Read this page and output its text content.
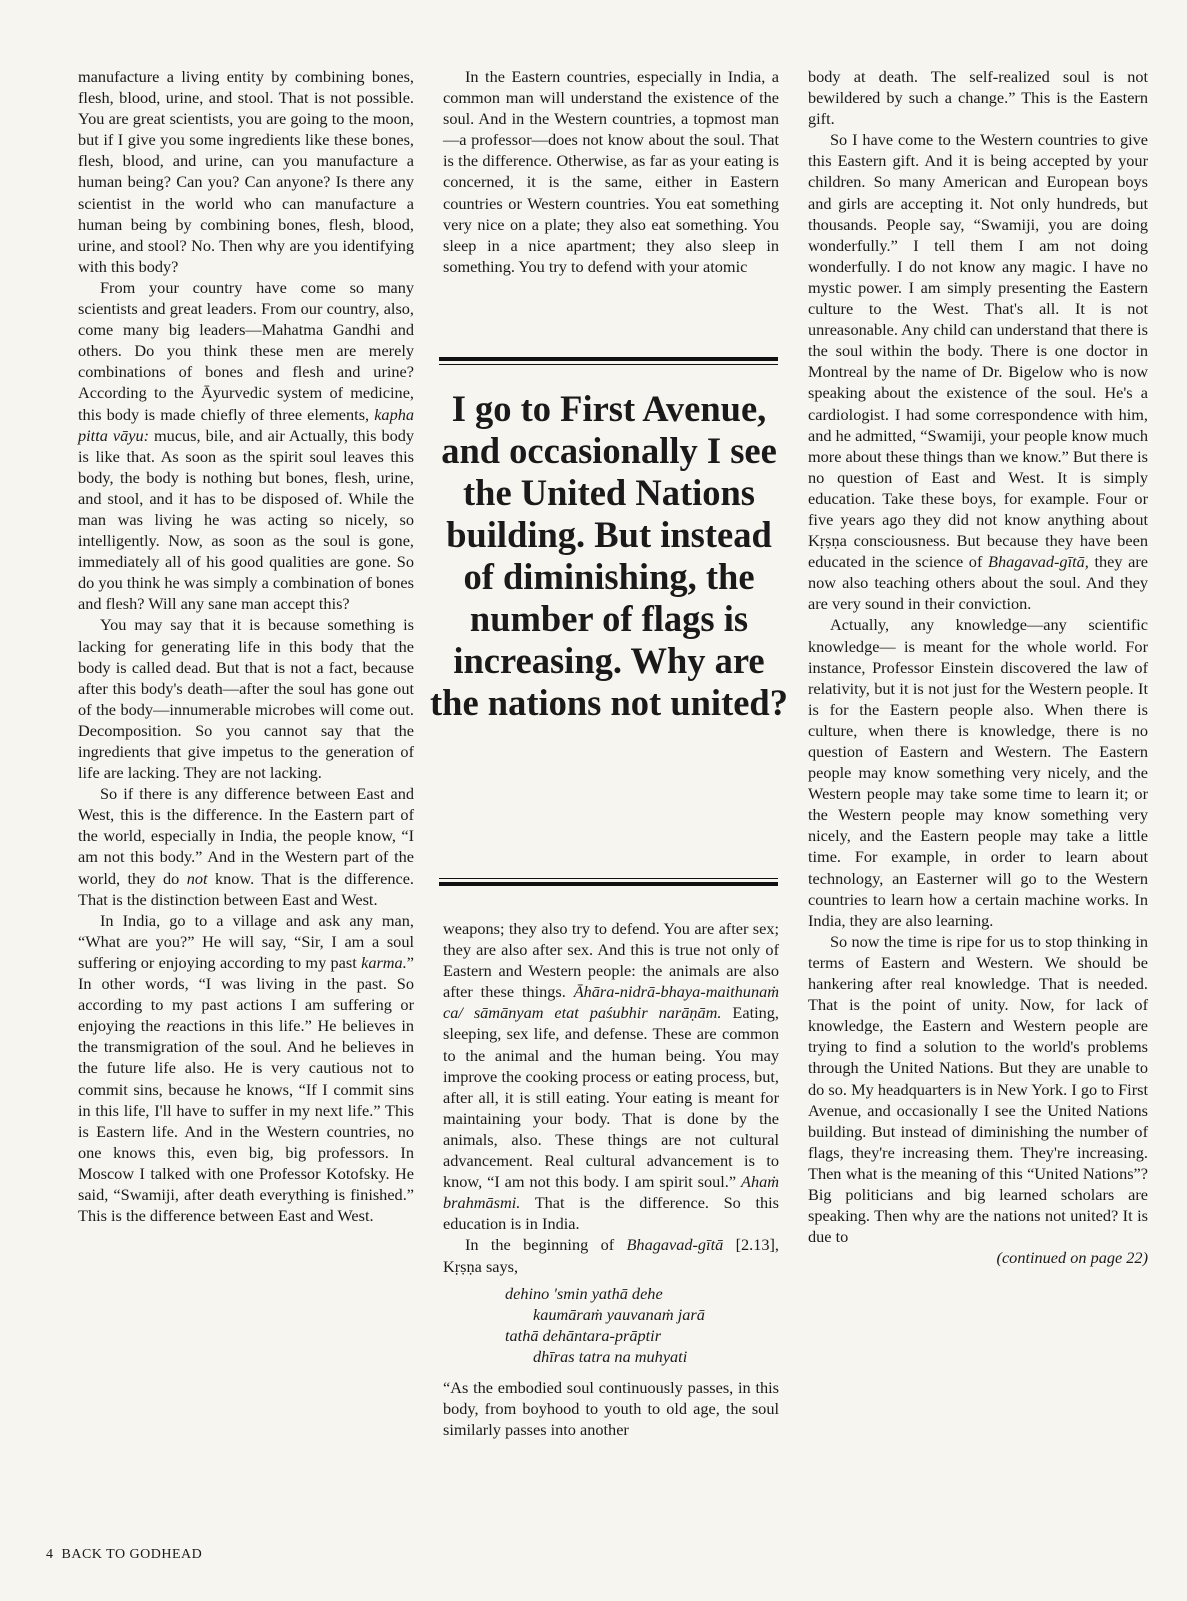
manufacture a living entity by combining bones, flesh, blood, urine, and stool. That is not possible. You are great scientists, you are going to the moon, but if I give you some ingredients like these bones, flesh, blood, and urine, can you manufacture a human being? Can you? Can anyone? Is there any scientist in the world who can manufacture a human being by combining bones, flesh, blood, urine, and stool? No. Then why are you identifying with this body?

From your country have come so many scientists and great leaders. From our country, also, come many big leaders—Mahatma Gandhi and others. Do you think these men are merely combinations of bones and flesh and urine? According to the Āyurvedic system of medicine, this body is made chiefly of three elements, kapha pitta vāyu: mucus, bile, and air Actually, this body is like that. As soon as the spirit soul leaves this body, the body is nothing but bones, flesh, urine, and stool, and it has to be disposed of. While the man was living he was acting so nicely, so intelligently. Now, as soon as the soul is gone, immediately all of his good qualities are gone. So do you think he was simply a combination of bones and flesh? Will any sane man accept this?

You may say that it is because something is lacking for generating life in this body that the body is called dead. But that is not a fact, because after this body's death—after the soul has gone out of the body—innumerable microbes will come out. Decomposition. So you cannot say that the ingredients that give impetus to the generation of life are lacking. They are not lacking.

So if there is any difference between East and West, this is the difference. In the Eastern part of the world, especially in India, the people know, “I am not this body.” And in the Western part of the world, they do not know. That is the difference. That is the distinction between East and West.

In India, go to a village and ask any man, “What are you?” He will say, “Sir, I am a soul suffering or enjoying according to my past karma.” In other words, “I was living in the past. So according to my past actions I am suffering or enjoying the reactions in this life.” He believes in the transmigration of the soul. And he believes in the future life also. He is very cautious not to commit sins, because he knows, “If I commit sins in this life, I'll have to suffer in my next life.” This is Eastern life. And in the Western countries, no one knows this, even big, big professors. In Moscow I talked with one Professor Kotofsky. He said, “Swamiji, after death everything is finished.” This is the difference between East and West.

In the Eastern countries, especially in India, a common man will understand the existence of the soul. And in the Western countries, a topmost man—a professor—does not know about the soul. That is the difference. Otherwise, as far as your eating is concerned, it is the same, either in Eastern countries or Western countries. You eat something very nice on a plate; they also eat something. You sleep in a nice apartment; they also sleep in something. You try to defend with your atomic

I go to First Avenue, and occasionally I see the United Nations building. But instead of diminishing, the number of flags is increasing. Why are the nations not united?

weapons; they also try to defend. You are after sex; they are also after sex. And this is true not only of Eastern and Western people: the animals are also after these things. Āhāra-nidrā-bhaya-maithunaṁ ca/ sāmānyam etat paśubhir narāṇām. Eating, sleeping, sex life, and defense. These are common to the animal and the human being. You may improve the cooking process or eating process, but, after all, it is still eating. Your eating is meant for maintaining your body. That is done by the animals, also. These things are not cultural advancement. Real cultural advancement is to know, “I am not this body. I am spirit soul.” Ahaṁ brahmāsmi. That is the difference. So this education is in India.

In the beginning of Bhagavad-gītā [2.13], Kṛṣṇa says,

dehino 'smin yathā dehe
kaumāraṁ yauvanaṁ jarā
tathā dehāntara-prāptir
dhīras tatra na muhyati

“As the embodied soul continuously passes, in this body, from boyhood to youth to old age, the soul similarly passes into another

body at death. The self-realized soul is not bewildered by such a change.” This is the Eastern gift.

So I have come to the Western countries to give this Eastern gift. And it is being accepted by your children. So many American and European boys and girls are accepting it. Not only hundreds, but thousands. People say, “Swamiji, you are doing wonderfully.” I tell them I am not doing wonderfully. I do not know any magic. I have no mystic power. I am simply presenting the Eastern culture to the West. That's all. It is not unreasonable. Any child can understand that there is the soul within the body. There is one doctor in Montreal by the name of Dr. Bigelow who is now speaking about the existence of the soul. He's a cardiologist. I had some correspondence with him, and he admitted, “Swamiji, your people know much more about these things than we know.” But there is no question of East and West. It is simply education. Take these boys, for example. Four or five years ago they did not know anything about Kṛṣṇa consciousness. But because they have been educated in the science of Bhagavad-gītā, they are now also teaching others about the soul. And they are very sound in their conviction.

Actually, any knowledge—any scientific knowledge— is meant for the whole world. For instance, Professor Einstein discovered the law of relativity, but it is not just for the Western people. It is for the Eastern people also. When there is culture, when there is knowledge, there is no question of Eastern and Western. The Eastern people may know something very nicely, and the Western people may take some time to learn it; or the Western people may know something very nicely, and the Eastern people may take a little time. For example, in order to learn about technology, an Easterner will go to the Western countries to learn how a certain machine works. In India, they are also learning.

So now the time is ripe for us to stop thinking in terms of Eastern and Western. We should be hankering after real knowledge. That is needed. That is the point of unity. Now, for lack of knowledge, the Eastern and Western people are trying to find a solution to the world's problems through the United Nations. But they are unable to do so. My headquarters is in New York. I go to First Avenue, and occasionally I see the United Nations building. But instead of diminishing the number of flags, they're increasing them. They're increasing. Then what is the meaning of this “United Nations”? Big politicians and big learned scholars are speaking. Then why are the nations not united? It is due to

(continued on page 22)
4 BACK TO GODHEAD
